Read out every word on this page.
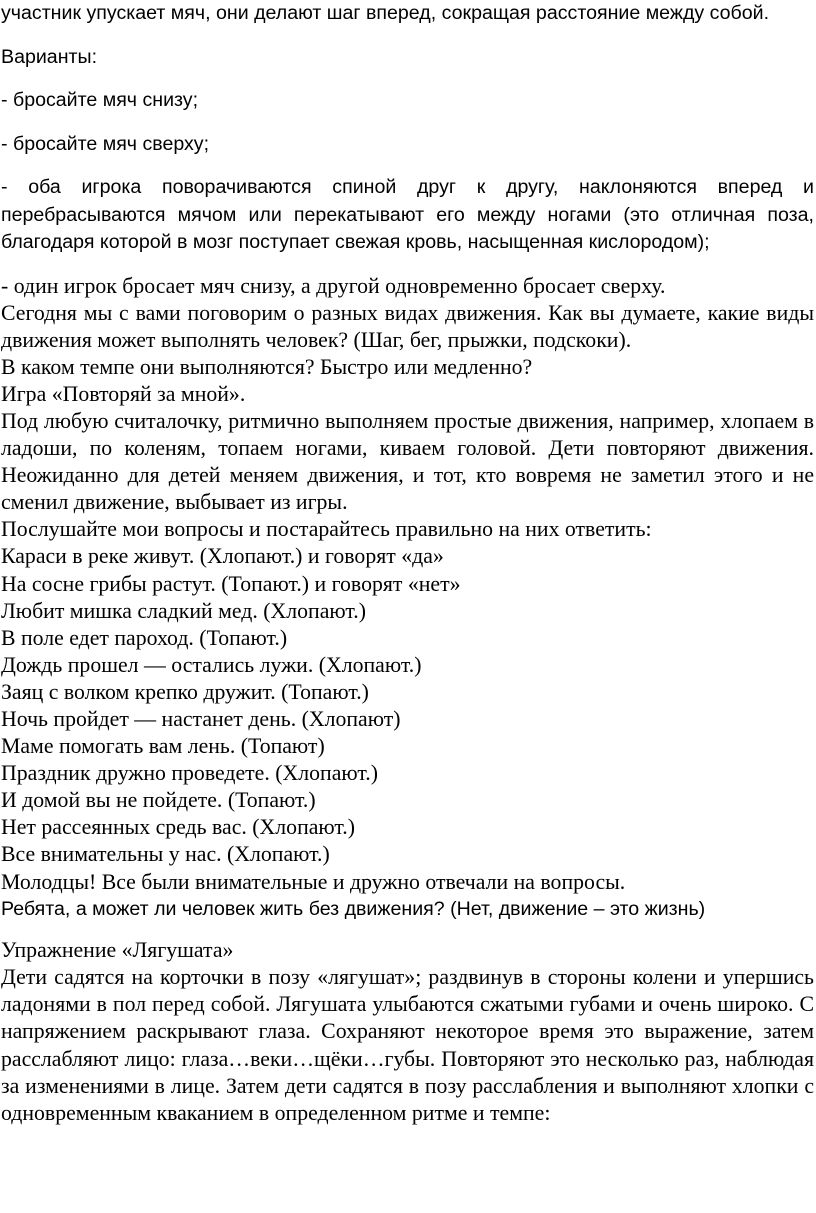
участник упускает мяч, они делают шаг вперед, сокращая расстояние между собой.

Варианты:

- бросайте мяч снизу;

- бросайте мяч сверху;

- оба игрока поворачиваются спиной друг к другу, наклоняются вперед и перебрасываются мячом или перекатывают его между ногами (это отличная поза, благодаря которой в мозг поступает свежая кровь, насыщенная кислородом);

- один игрок бросает мяч снизу, а другой одновременно бросает сверху.

Сегодня мы с вами поговорим о разных видах движения. Как вы думаете, какие виды движения может выполнять человек? (Шаг, бег, прыжки, подскоки).

В каком темпе они выполняются? Быстро или медленно?

Игра «Повторяй за мной».

Под любую считалочку, ритмично выполняем простые движения, например, хлопаем в ладоши, по коленям, топаем ногами, киваем головой. Дети повторяют движения. Неожиданно для детей меняем движения, и тот, кто вовремя не заметил этого и не сменил движение, выбывает из игры.

Послушайте мои вопросы и постарайтесь правильно на них ответить:

Караси в реке живут. (Хлопают.) и говорят «да»

На сосне грибы растут. (Топают.) и говорят «нет»

Любит мишка сладкий мед. (Хлопают.)

В поле едет пароход. (Топают.)

Дождь прошел — остались лужи. (Хлопают.)

Заяц с волком крепко дружит. (Топают.)

Ночь пройдет — настанет день. (Хлопают)

Маме помогать вам лень. (Топают)

Праздник дружно проведете. (Хлопают.)

И домой вы не пойдете. (Топают.)

Нет рассеянных средь вас. (Хлопают.)

Все внимательны у нас. (Хлопают.)

Молодцы! Все были внимательные и дружно отвечали на вопросы.

Ребята, а может ли человек жить без движения? (Нет, движение – это жизнь)

Упражнение «Лягушата»

Дети садятся на корточки в позу «лягушат»; раздвинув в стороны колени и упершись ладонями в пол перед собой. Лягушата улыбаются сжатыми губами и очень широко. С напряжением раскрывают глаза. Сохраняют некоторое время это выражение, затем расслабляют лицо: глаза…веки…щёки…губы. Повторяют это несколько раз, наблюдая за изменениями в лице. Затем дети садятся в позу расслабления и выполняют хлопки с одновременным кваканием в определенном ритме и темпе:
